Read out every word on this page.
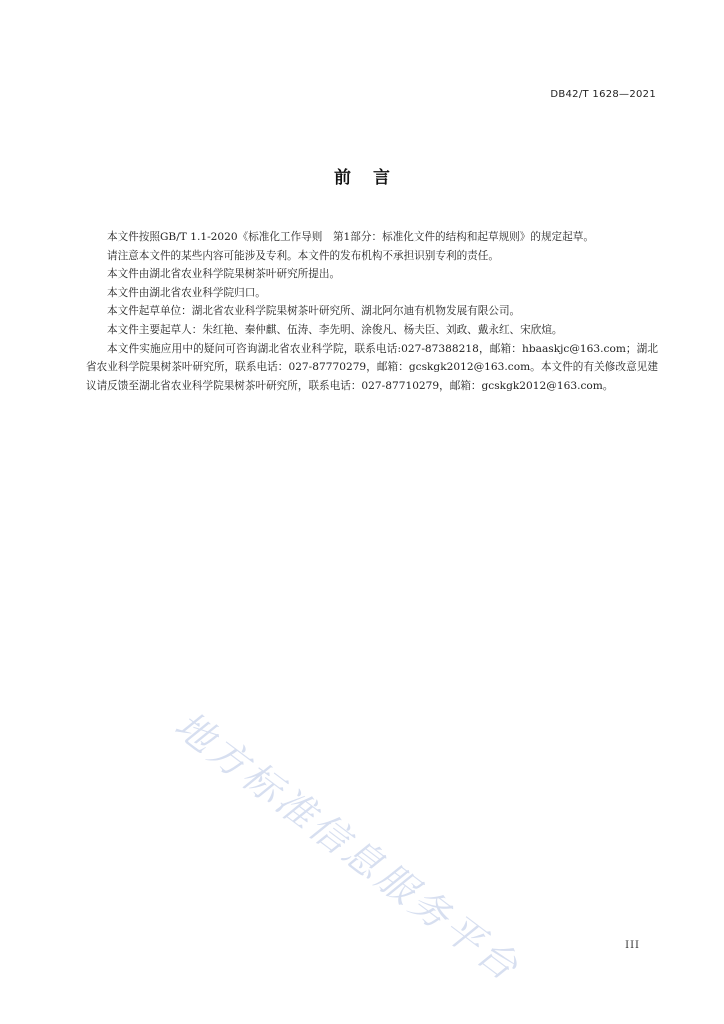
DB42/T 1628—2021
前 言

本文件按照GB/T 1.1-2020《标准化工作导则　第1部分：标准化文件的结构和起草规则》的规定起草。

请注意本文件的某些内容可能涉及专利。本文件的发布机构不承担识别专利的责任。

本文件由湖北省农业科学院果树茶叶研究所提出。

本文件由湖北省农业科学院归口。

本文件起草单位：湖北省农业科学院果树茶叶研究所、湖北阿尔迪有机物发展有限公司。

本文件主要起草人：朱红艳、秦仲麒、伍涛、李先明、涂俊凡、杨夫臣、刘政、戴永红、宋欣煊。

本文件实施应用中的疑问可咨询湖北省农业科学院，联系电话:027-87388218，邮箱：hbaaskjc@163.com；湖北省农业科学院果树茶叶研究所，联系电话：027-87770279，邮箱：gcskgk2012@163.com。本文件的有关修改意见建议请反馈至湖北省农业科学院果树茶叶研究所，联系电话：027-87710279，邮箱：gcskgk2012@163.com。

地方标准信息服务平台	III
